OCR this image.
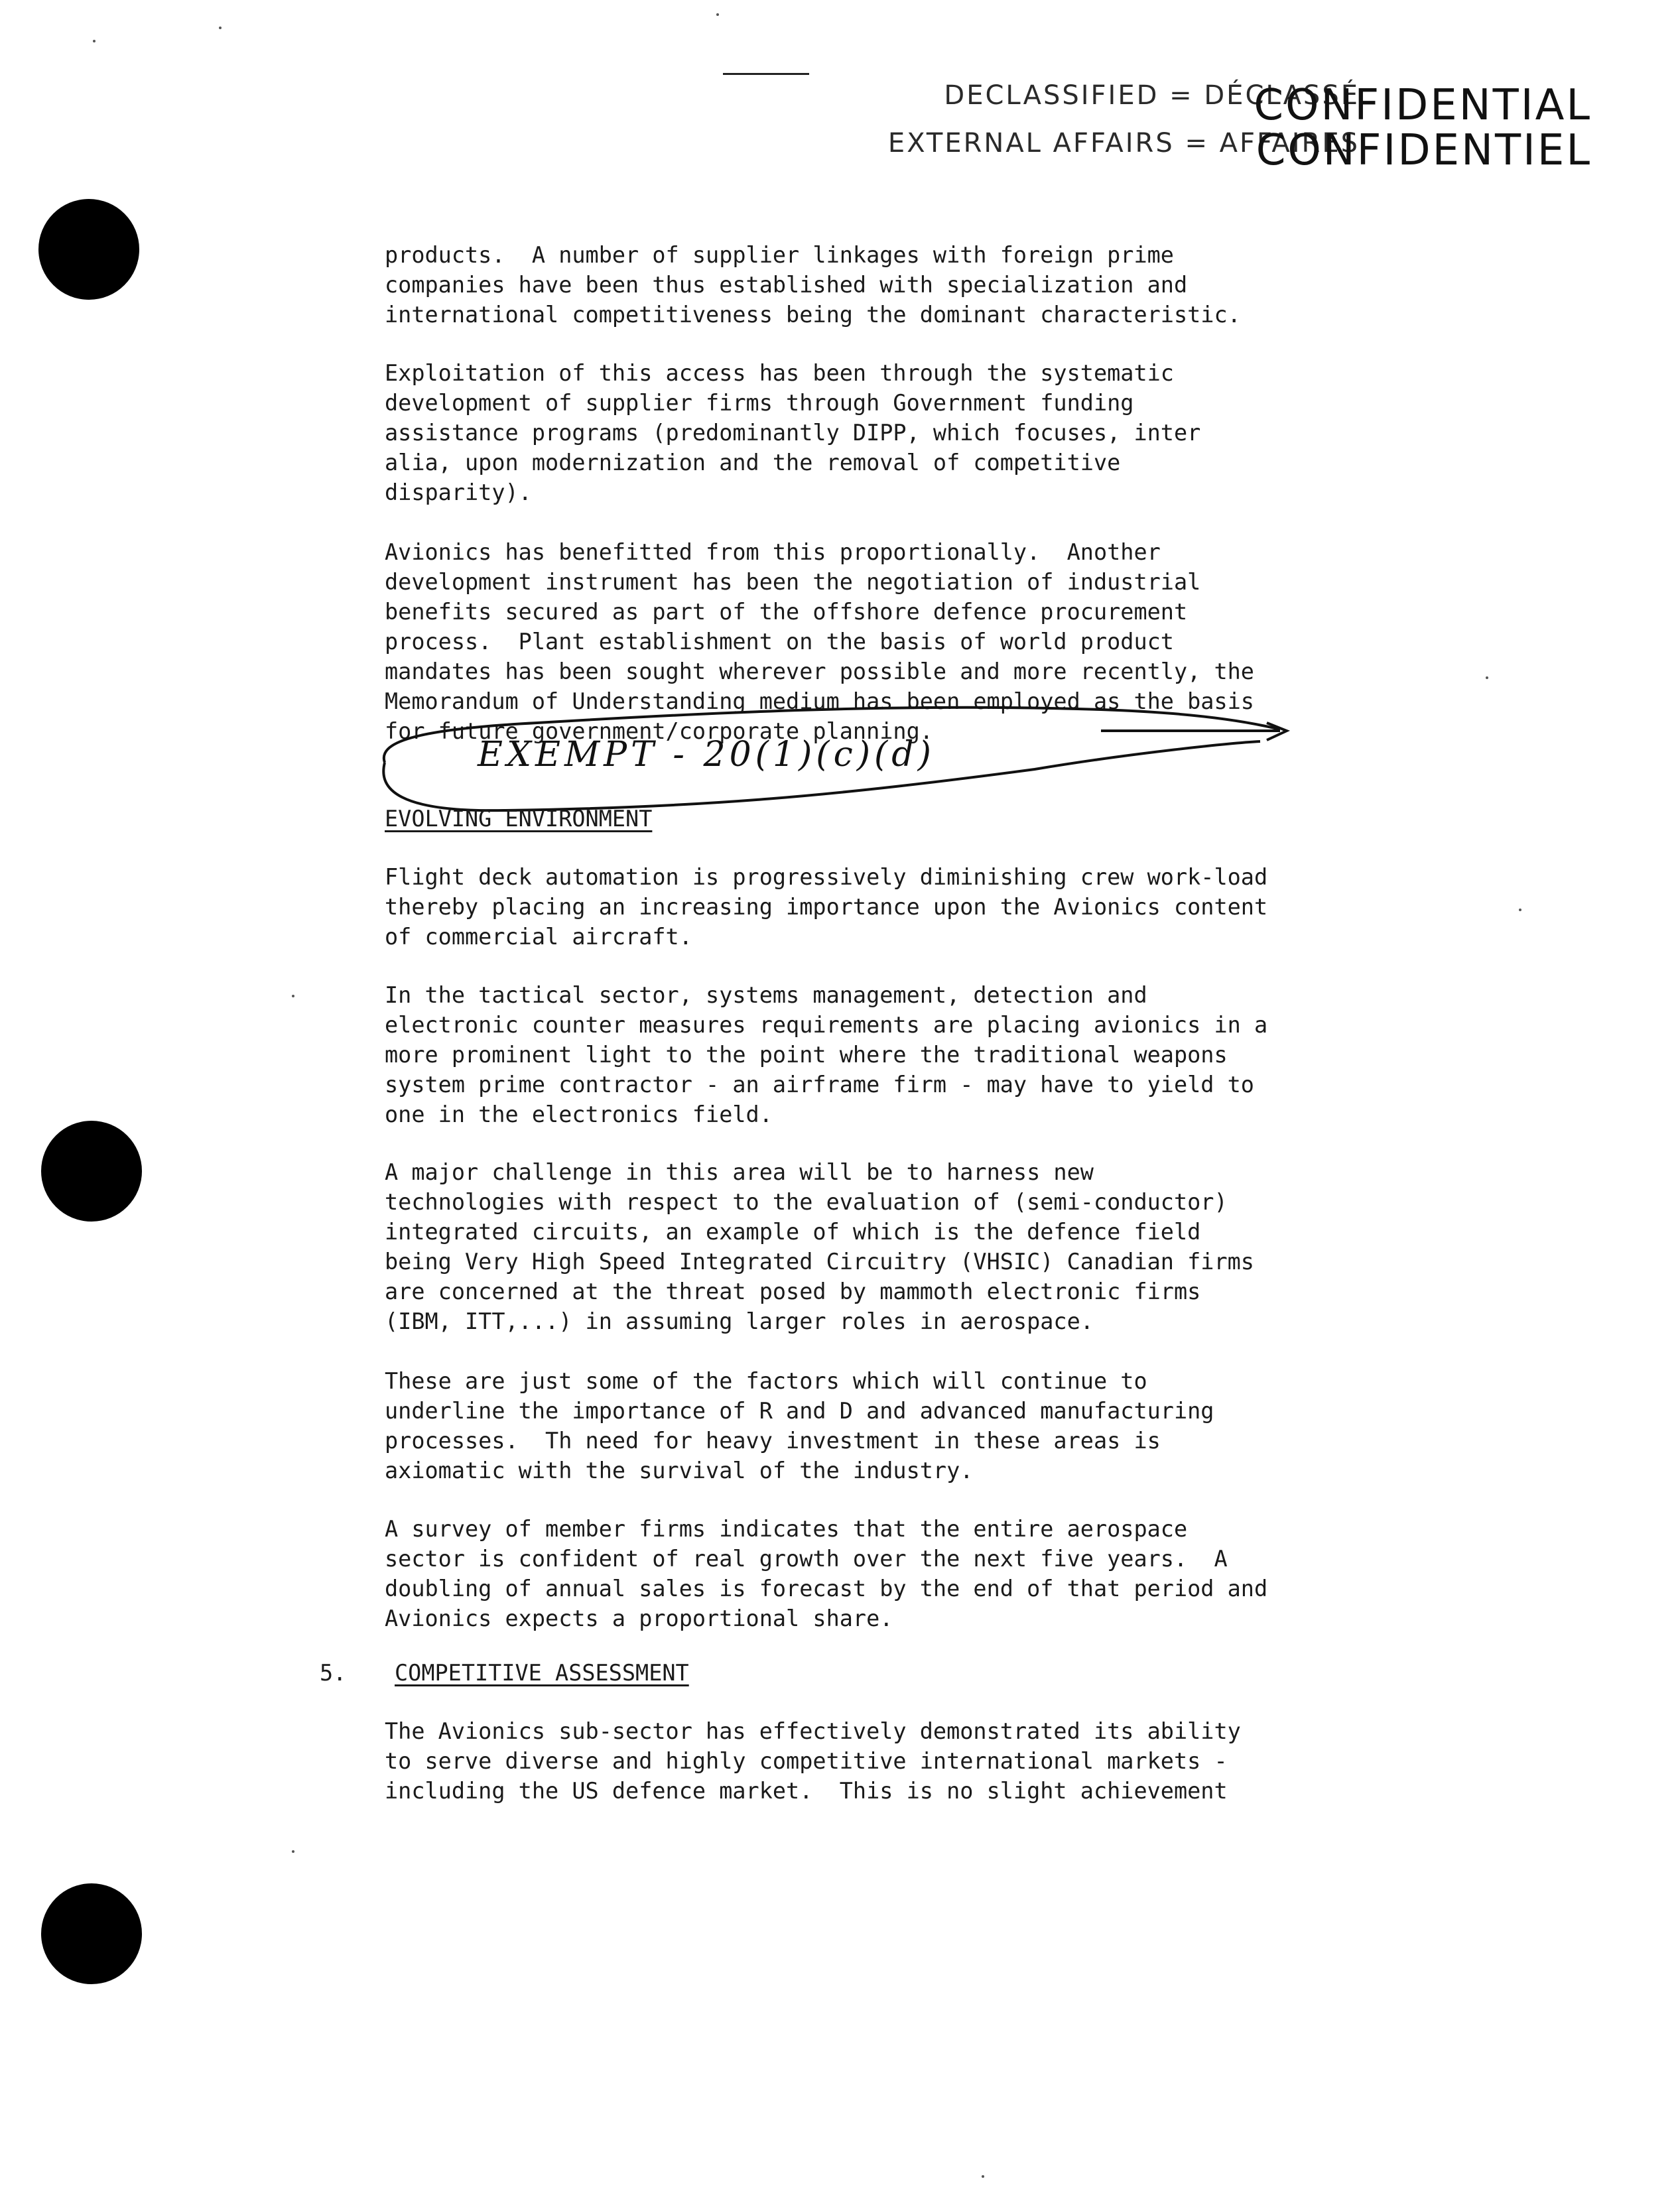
DECLASSIFIED = DÉCLASSÉ
EXTERNAL AFFAIRS = AFFAIRES
CONFIDENTIAL
CONFIDENTIEL
products.  A number of supplier linkages with foreign prime
companies have been thus established with specialization and
international competitiveness being the dominant characteristic.
Exploitation of this access has been through the systematic
development of supplier firms through Government funding
assistance programs (predominantly DIPP, which focuses, inter
alia, upon modernization and the removal of competitive
disparity).
Avionics has benefitted from this proportionally.  Another
development instrument has been the negotiation of industrial
benefits secured as part of the offshore defence procurement
process.  Plant establishment on the basis of world product
mandates has been sought wherever possible and more recently, the
Memorandum of Understanding medium has been employed as the basis
for future government/corporate planning.
EXEMPT - 20(1)(c)(d)
EVOLVING ENVIRONMENT
Flight deck automation is progressively diminishing crew work-load
thereby placing an increasing importance upon the Avionics content
of commercial aircraft.
In the tactical sector, systems management, detection and
electronic counter measures requirements are placing avionics in a
more prominent light to the point where the traditional weapons
system prime contractor - an airframe firm - may have to yield to
one in the electronics field.
A major challenge in this area will be to harness new
technologies with respect to the evaluation of (semi-conductor)
integrated circuits, an example of which is the defence field
being Very High Speed Integrated Circuitry (VHSIC) Canadian firms
are concerned at the threat posed by mammoth electronic firms
(IBM, ITT,...) in assuming larger roles in aerospace.
These are just some of the factors which will continue to
underline the importance of R and D and advanced manufacturing
processes.  Th need for heavy investment in these areas is
axiomatic with the survival of the industry.
A survey of member firms indicates that the entire aerospace
sector is confident of real growth over the next five years.  A
doubling of annual sales is forecast by the end of that period and
Avionics expects a proportional share.
5. COMPETITIVE ASSESSMENT
The Avionics sub-sector has effectively demonstrated its ability
to serve diverse and highly competitive international markets -
including the US defence market.  This is no slight achievement
